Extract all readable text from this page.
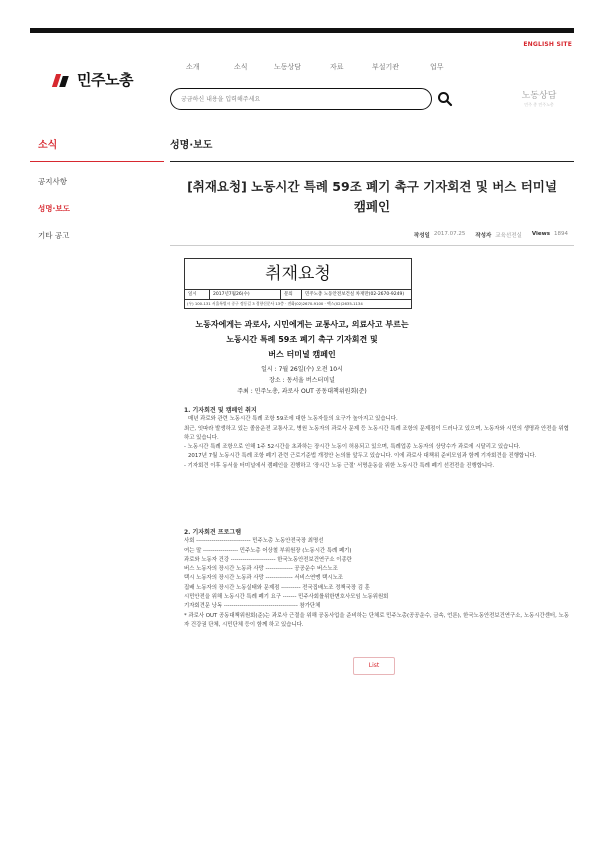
ENGLISH SITE
민주노총
소개	소식	노동상담	자료	부설기관	업무
궁금하신 내용을 입력해주세요
노동상담
민주 총 민주노총
소식
공지사항
성명·보도
기타 공고
성명·보도
[취재요청] 노동시간 특례 59조 폐기 촉구 기자회견 및 버스 터미널 캠페인
작성일 2017.07.25 작성자 교육선전실 Views 1894
취재요청
일시	2017년7월26(수)	문의	민주노총 노동안전보건실 차재만(02-2670-9249)
(우) 100-131 서울특별시 중구 정동길 3 경향신문사 13층 · 전화(02)2670-9100 · 팩스(02)2635-1134
노동자에게는 과로사, 시민에게는 교통사고, 의료사고 부르는
노동시간 특례 59조 폐기 촉구 기자회견 및
버스 터미널 캠페인
일시 : 7월 26일(수) 오전 10시
장소 : 동서울 버스터미널
주최 : 민주노총, 과로사 OUT 공동대책위원회(준)
1. 기자회견 및 캠페인 취지
매년 과로와 관련 노동시간 특례 조항 59조에 대한 노동자들의 요구가 높아지고 있습니다.
최근, 잇따라 발생하고 있는 졸음운전 교통사고, 병원 노동자의 과로사 문제 등 노동시간 특례 조항의 문제점이 드러나고 있으며, 노동자와 시민의 생명과 안전을 위협하고 있습니다.
- 노동시간 특례 조항으로 인해 1주 52시간을 초과하는 장시간 노동이 허용되고 있으며, 특례업종 노동자의 상당수가 과로에 시달리고 있습니다.
2017년 7월 노동시간 특례 조항 폐기 관련 근로기준법 개정안 논의를 앞두고 있습니다. 이에 과로사 대책위 준비모임과 함께 기자회견을 진행합니다.
- 기자회견 이후 동서울 터미널에서 캠페인을 진행하고 '장시간 노동 근절' 서명운동을 위한 노동시간 특례 폐기 선전전을 진행합니다.
2. 기자회견 프로그램
사회 ---------------------------- 민주노총 노동안전국장 최명선
여는 말 ------------------ 민주노총 어상철 부위원장 (노동시간 특례 폐기)
과로와 노동자 건강 ----------------------- 한국노동안전보건연구소 이종란
버스 노동자의 장시간 노동과 사망 -------------- 공공운수 버스노조
택시 노동자의 장시간 노동과 사망 -------------- 서비스연맹 택시노조
집배 노동자의 장시간 노동실태와 문제점 ---------- 전국집배노조 정책국장 김 훈
시민안전을 위해 노동시간 특례 폐기 요구 ------- 민주사회를위한변호사모임 노동위원회
기자회견문 낭독 -------------------------------------- 참가단체
* 과로사 OUT 공동대책위원회(준)는 과로사 근절을 위해 공동사업을 준비하는 단체로 민주노총(공공운수, 금속, 언론), 한국노동안전보건연구소, 노동시간센터, 노동자 건강권 단체, 시민단체 등이 함께 하고 있습니다.
List
